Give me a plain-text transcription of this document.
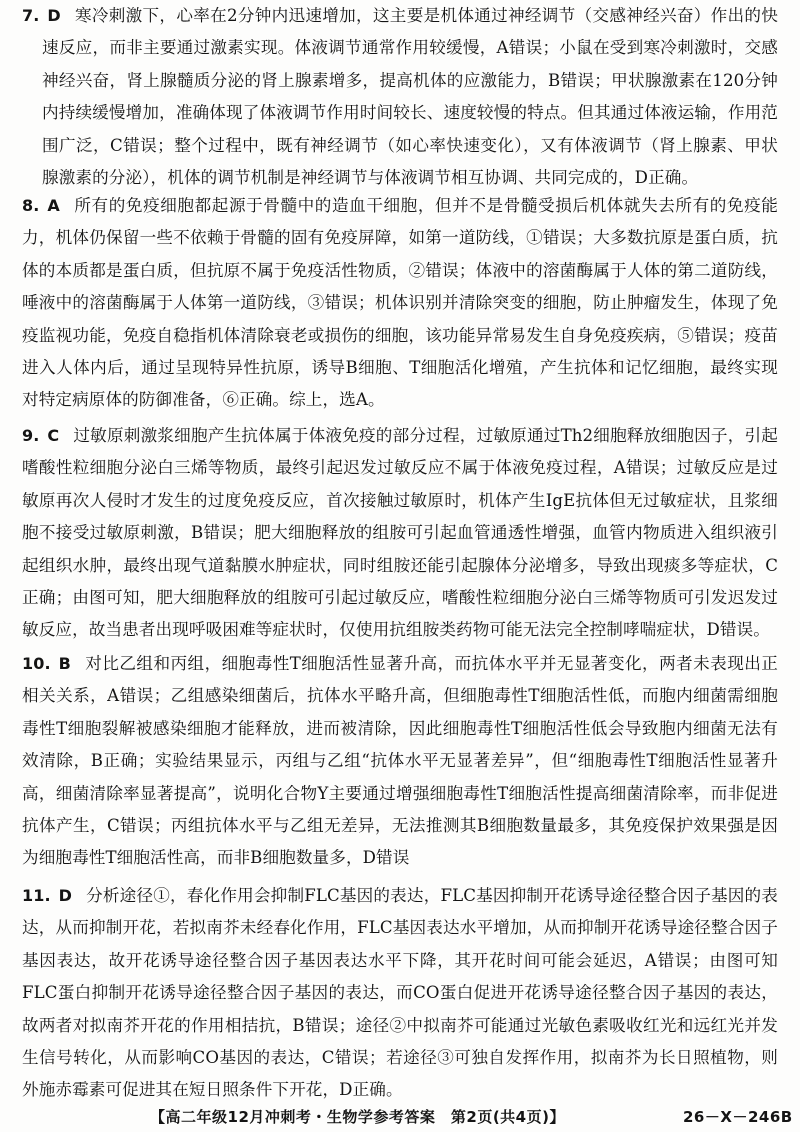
7. D 寒冷刺激下，心率在2分钟内迅速增加，这主要是机体通过神经调节（交感神经兴奋）作出的快速反应，而非主要通过激素实现。体液调节通常作用较缓慢，A错误；小鼠在受到寒冷刺激时，交感神经兴奋，肾上腺髓质分泌的肾上腺素增多，提高机体的应激能力，B错误；甲状腺激素在120分钟内持续缓慢增加，准确体现了体液调节作用时间较长、速度较慢的特点。但其通过体液运输，作用范围广泛，C错误；整个过程中，既有神经调节（如心率快速变化），又有体液调节（肾上腺素、甲状腺激素的分泌），机体的调节机制是神经调节与体液调节相互协调、共同完成的，D正确。
8. A 所有的免疫细胞都起源于骨髓中的造血干细胞，但并不是骨髓受损后机体就失去所有的免疫能力，机体仍保留一些不依赖于骨髓的固有免疫屏障，如第一道防线，①错误；大多数抗原是蛋白质，抗体的本质都是蛋白质，但抗原不属于免疫活性物质，②错误；体液中的溶菌酶属于人体的第二道防线，唾液中的溶菌酶属于人体第一道防线，③错误；机体识别并清除突变的细胞，防止肿瘤发生，体现了免疫监视功能，免疫自稳指机体清除衰老或损伤的细胞，该功能异常易发生自身免疫疾病，⑤错误；疫苗进入人体内后，通过呈现特异性抗原，诱导B细胞、T细胞活化增殖，产生抗体和记忆细胞，最终实现对特定病原体的防御准备，⑥正确。综上，选A。
9. C 过敏原刺激浆细胞产生抗体属于体液免疫的部分过程，过敏原通过Th2细胞释放细胞因子，引起嗜酸性粒细胞分泌白三烯等物质，最终引起迟发过敏反应不属于体液免疫过程，A错误；过敏反应是过敏原再次人侵时才发生的过度免疫反应，首次接触过敏原时，机体产生IgE抗体但无过敏症状，且浆细胞不接受过敏原刺激，B错误；肥大细胞释放的组胺可引起血管通透性增强，血管内物质进入组织液引起组织水肿，最终出现气道黏膜水肿症状，同时组胺还能引起腺体分泌增多，导致出现痰多等症状，C正确；由图可知，肥大细胞释放的组胺可引起过敏反应，嗜酸性粒细胞分泌白三烯等物质可引发迟发过敏反应，故当患者出现呼吸困难等症状时，仅使用抗组胺类药物可能无法完全控制哮喘症状，D错误。
10. B 对比乙组和丙组，细胞毒性T细胞活性显著升高，而抗体水平并无显著变化，两者未表现出正相关关系，A错误；乙组感染细菌后，抗体水平略升高，但细胞毒性T细胞活性低，而胞内细菌需细胞毒性T细胞裂解被感染细胞才能释放，进而被清除，因此细胞毒性T细胞活性低会导致胞内细菌无法有效清除，B正确；实验结果显示，丙组与乙组“抗体水平无显著差异”，但“细胞毒性T细胞活性显著升高，细菌清除率显著提高”，说明化合物Y主要通过增强细胞毒性T细胞活性提高细菌清除率，而非促进抗体产生，C错误；丙组抗体水平与乙组无差异，无法推测其B细胞数量最多，其免疫保护效果强是因为细胞毒性T细胞活性高，而非B细胞数量多，D错误
11. D 分析途径①，春化作用会抑制FLC基因的表达，FLC基因抑制开花诱导途径整合因子基因的表达，从而抑制开花，若拟南芥未经春化作用，FLC基因表达水平增加，从而抑制开花诱导途径整合因子基因表达，故开花诱导途径整合因子基因表达水平下降，其开花时间可能会延迟，A错误；由图可知FLC蛋白抑制开花诱导途径整合因子基因的表达，而CO蛋白促进开花诱导途径整合因子基因的表达，故两者对拟南芥开花的作用相拮抗，B错误；途径②中拟南芥可能通过光敏色素吸收红光和远红光并发生信号转化，从而影响CO基因的表达，C错误；若途径③可独自发挥作用，拟南芥为长日照植物，则外施赤霉素可促进其在短日照条件下开花，D正确。
【高二年级12月冲刺考・生物学参考答案　第2页(共4页)】	26－X－246B
